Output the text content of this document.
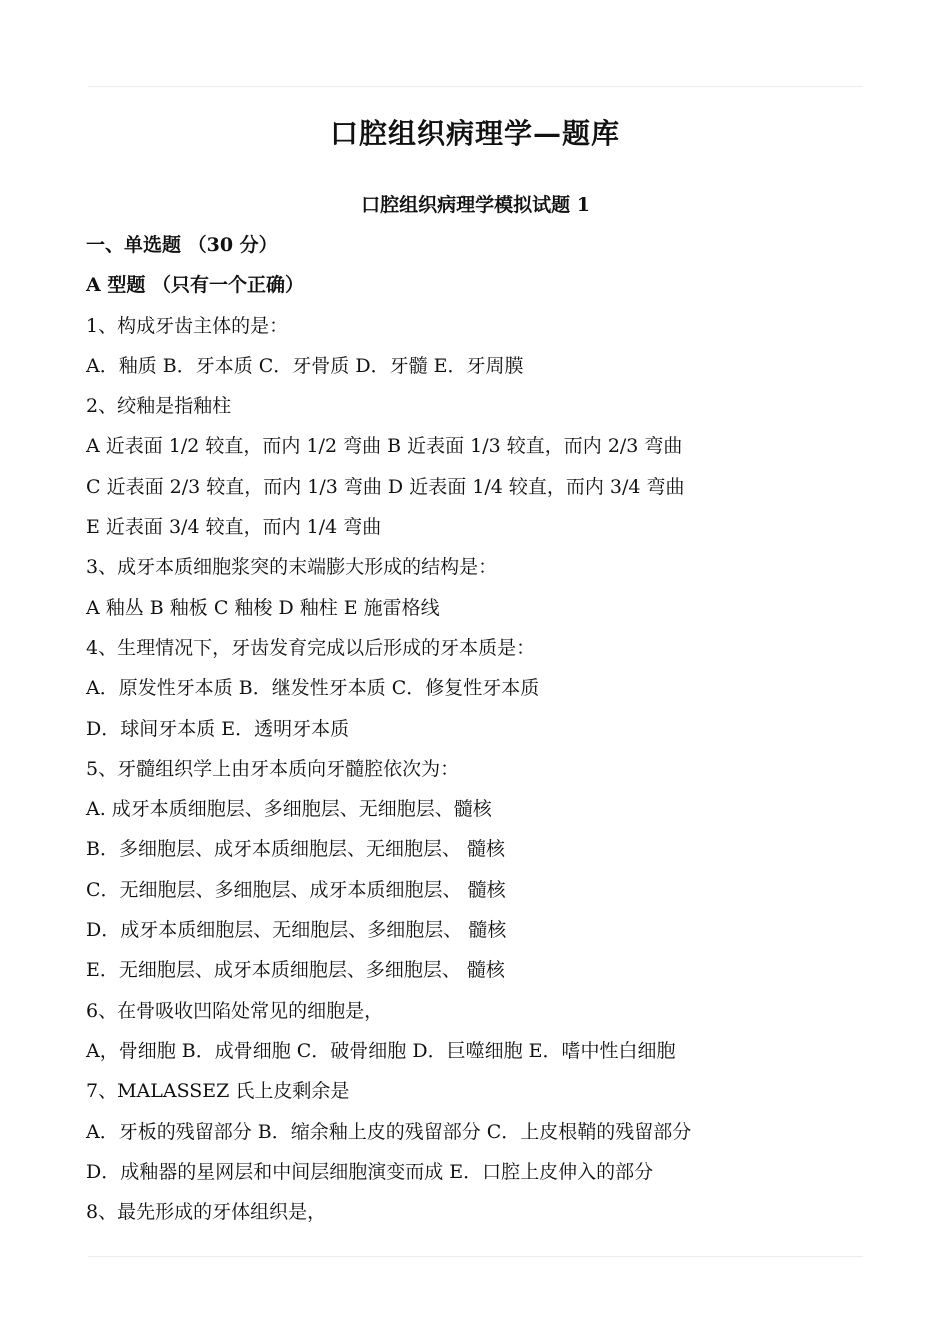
口腔组织病理学—题库
口腔组织病理学模拟试题 1
一、单选题 （30 分）
A 型题 （只有一个正确）
1、构成牙齿主体的是：
A．釉质 B．牙本质 C．牙骨质 D．牙髓 E．牙周膜
2、绞釉是指釉柱
A 近表面 1/2 较直，而内 1/2 弯曲 B 近表面 1/3 较直，而内 2/3 弯曲
C 近表面 2/3 较直，而内 1/3 弯曲 D 近表面 1/4 较直，而内 3/4 弯曲
E 近表面 3/4 较直，而内 1/4 弯曲
3、成牙本质细胞浆突的末端膨大形成的结构是：
A 釉丛 B 釉板 C 釉梭 D 釉柱 E 施雷格线
4、生理情况下，牙齿发育完成以后形成的牙本质是：
A．原发性牙本质 B．继发性牙本质 C．修复性牙本质
D．球间牙本质 E．透明牙本质
5、牙髓组织学上由牙本质向牙髓腔依次为：
A. 成牙本质细胞层、多细胞层、无细胞层、髓核
B．多细胞层、成牙本质细胞层、无细胞层、 髓核
C．无细胞层、多细胞层、成牙本质细胞层、 髓核
D．成牙本质细胞层、无细胞层、多细胞层、 髓核
E．无细胞层、成牙本质细胞层、多细胞层、 髓核
6、在骨吸收凹陷处常见的细胞是，
A，骨细胞 B．成骨细胞 C．破骨细胞 D．巨噬细胞 E．嗜中性白细胞
7、MALASSEZ 氏上皮剩余是
A．牙板的残留部分 B．缩余釉上皮的残留部分 C．上皮根鞘的残留部分
D．成釉器的星网层和中间层细胞演变而成 E．口腔上皮伸入的部分
8、最先形成的牙体组织是，
